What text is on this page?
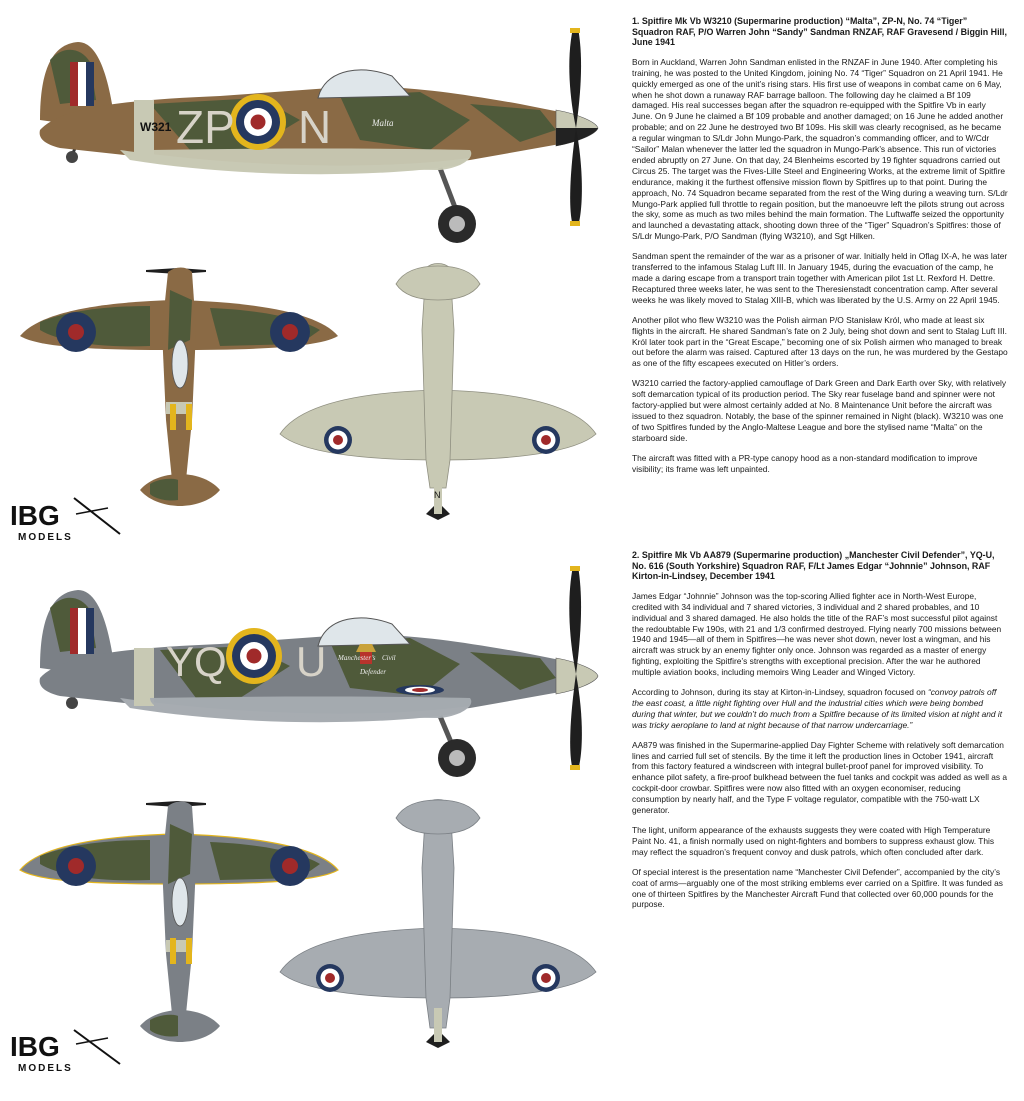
W321 ZP N	Malta
N
IBG
MODELS
YQ U Manchester’s Civil
Defender
IBG
MODELS

1. Spitfire Mk Vb W3210 (Supermarine production) “Malta”, ZP-N, No. 74 “Tiger” Squadron RAF, P/O Warren John “Sandy” Sandman RNZAF, RAF Gravesend / Biggin Hill, June 1941

Born in Auckland, Warren John Sandman enlisted in the RNZAF in June 1940. After completing his training, he was posted to the United Kingdom, joining No. 74 “Tiger” Squadron on 21 April 1941. He quickly emerged as one of the unit’s rising stars. His first use of weapons in combat came on 6 May, when he shot down a runaway RAF barrage balloon. The following day he claimed a Bf 109 damaged. His real successes began after the squadron re-equipped with the Spitfire Vb in early June. On 9 June he claimed a Bf 109 probable and another damaged; on 16 June he added another probable; and on 22 June he destroyed two Bf 109s. His skill was clearly recognised, as he became a regular wingman to S/Ldr John Mungo-Park, the squadron’s commanding officer, and to W/Cdr “Sailor” Malan whenever the latter led the squadron in Mungo-Park’s absence. This run of victories ended abruptly on 27 June. On that day, 24 Blenheims escorted by 19 fighter squadrons carried out Circus 25. The target was the Fives-Lille Steel and Engineering Works, at the extreme limit of Spitfire endurance, making it the furthest offensive mission flown by Spitfires up to that point. During the approach, No. 74 Squadron became separated from the rest of the Wing during a weaving turn. S/Ldr Mungo-Park applied full throttle to regain position, but the manoeuvre left the pilots strung out across the sky, some as much as two miles behind the main formation. The Luftwaffe seized the opportunity and launched a devastating attack, shooting down three of the “Tiger” Squadron’s Spitfires: those of S/Ldr Mungo-Park, P/O Sandman (flying W3210), and Sgt Hilken.

Sandman spent the remainder of the war as a prisoner of war. Initially held in Oflag IX-A, he was later transferred to the infamous Stalag Luft III. In January 1945, during the evacuation of the camp, he made a daring escape from a transport train together with American pilot 1st Lt. Rexford H. Dettre. Recaptured three weeks later, he was sent to the Theresienstadt concentration camp. After several weeks he was likely moved to Stalag XIII-B, which was liberated by the U.S. Army on 22 April 1945.

Another pilot who flew W3210 was the Polish airman P/O Stanisław Król, who made at least six flights in the aircraft. He shared Sandman’s fate on 2 July, being shot down and sent to Stalag Luft III. Król later took part in the “Great Escape,” becoming one of six Polish airmen who managed to break out before the alarm was raised. Captured after 13 days on the run, he was murdered by the Gestapo as one of the fifty escapees executed on Hitler’s orders.

W3210 carried the factory-applied camouflage of Dark Green and Dark Earth over Sky, with relatively soft demarcation typical of its production period. The Sky rear fuselage band and spinner were not factory-applied but were almost certainly added at No. 8 Maintenance Unit before the aircraft was issued to thez squadron. Notably, the base of the spinner remained in Night (black). W3210 was one of two Spitfires funded by the Anglo-Maltese League and bore the stylised name “Malta” on the starboard side.

The aircraft was fitted with a PR-type canopy hood as a non-standard modification to improve visibility; its frame was left unpainted.

2. Spitfire Mk Vb AA879 (Supermarine production) „Manchester Civil Defender”, YQ-U, No. 616 (South Yorkshire) Squadron RAF, F/Lt James Edgar “Johnnie” Johnson, RAF Kirton-in-Lindsey, December 1941

James Edgar “Johnnie” Johnson was the top-scoring Allied fighter ace in North-West Europe, credited with 34 individual and 7 shared victories, 3 individual and 2 shared probables, and 10 individual and 3 shared damaged. He also holds the title of the RAF’s most successful pilot against the redoubtable Fw 190s, with 21 and 1/3 confirmed destroyed. Flying nearly 700 missions between 1940 and 1945—all of them in Spitfires—he was never shot down, never lost a wingman, and his aircraft was struck by an enemy fighter only once. Johnson was regarded as a master of energy fighting, exploiting the Spitfire’s strengths with exceptional precision. After the war he authored multiple aviation books, including memoirs Wing Leader and Winged Victory.

According to Johnson, during its stay at Kirton-in-Lindsey, squadron focused on “convoy patrols off the east coast, a little night fighting over Hull and the industrial cities which were being bombed during that winter, but we couldn’t do much from a Spitfire because of its limited vision at night and it was tricky aeroplane to land at night because of that narrow undercarriage.”

AA879 was finished in the Supermarine-applied Day Fighter Scheme with relatively soft demarcation lines and carried full set of stencils. By the time it left the production lines in October 1941, aircraft from this factory featured a windscreen with integral bullet-proof panel for improved visibility. To enhance pilot safety, a fire-proof bulkhead between the fuel tanks and cockpit was added as well as a cockpit-door crowbar. Spitfires were now also fitted with an oxygen economiser, reducing consumption by nearly half, and the Type F voltage regulator, compatible with the 750-watt LX generator.

The light, uniform appearance of the exhausts suggests they were coated with High Temperature Paint No. 41, a finish normally used on night-fighters and bombers to suppress exhaust glow. This may reflect the squadron’s frequent convoy and dusk patrols, which often concluded after dark.

Of special interest is the presentation name “Manchester Civil Defender”, accompanied by the city’s coat of arms—arguably one of the most striking emblems ever carried on a Spitfire. It was funded as one of thirteen Spitfires by the Manchester Aircraft Fund that collected over 60,000 pounds for the purpose.
